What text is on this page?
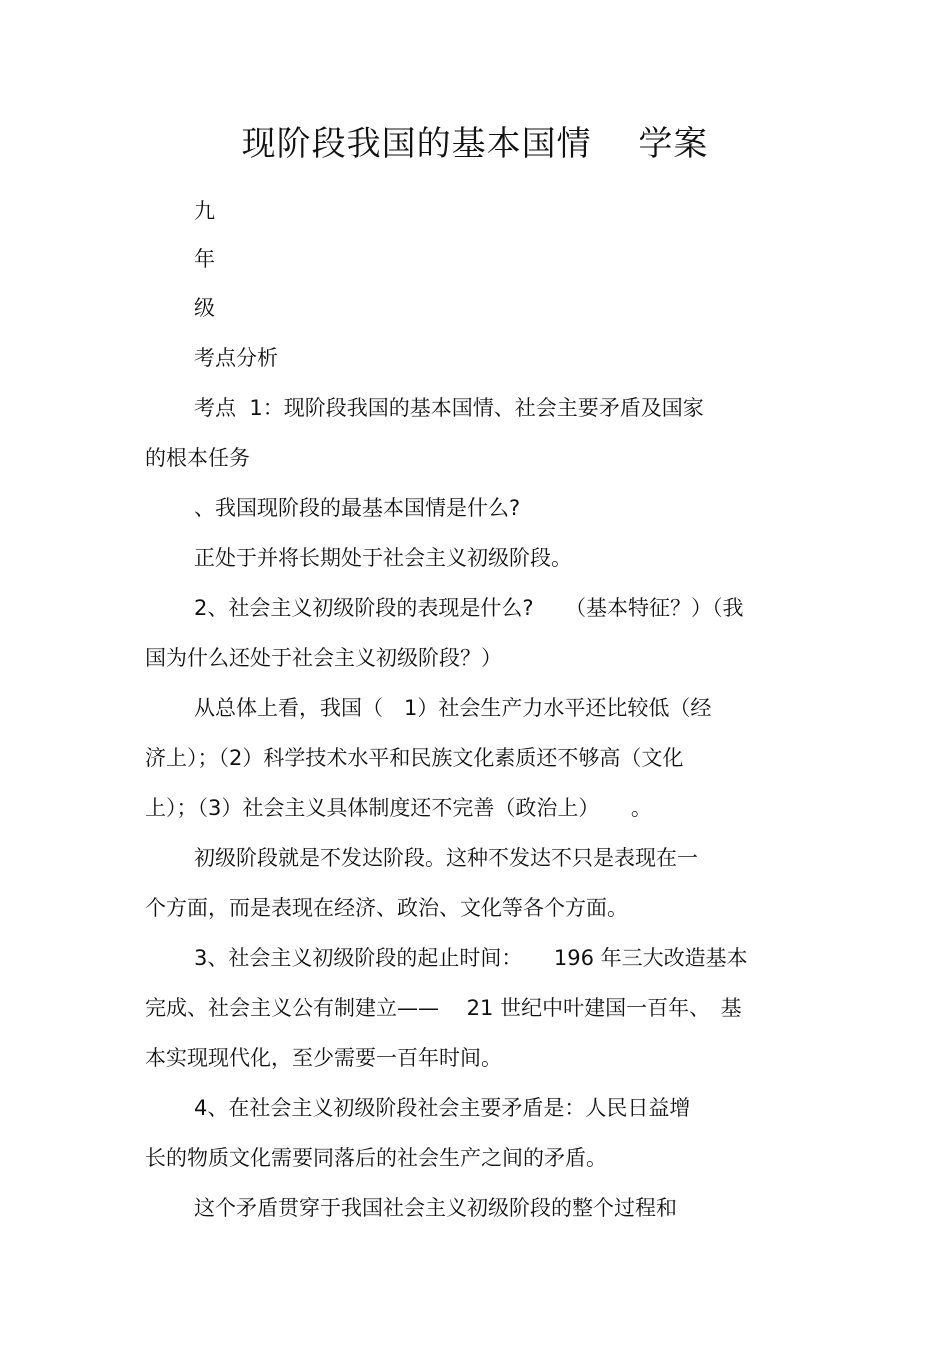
现阶段我国的基本国情　 学案

九

年

级

考点分析

考点  1：现阶段我国的基本国情、社会主要矛盾及国家

的根本任务

、我国现阶段的最基本国情是什么?

正处于并将长期处于社会主义初级阶段。

2、社会主义初级阶段的表现是什么?　　（基本特征？）（我

国为什么还处于社会主义初级阶段？）

从总体上看，我国（　1）社会生产力水平还比较低（经

济上）；（2）科学技术水平和民族文化素质还不够高（文化

上）；（3）社会主义具体制度还不完善（政治上）　　。

初级阶段就是不发达阶段。这种不发达不只是表现在一

个方面，而是表现在经济、政治、文化等各个方面。

3、社会主义初级阶段的起止时间：　　196 年三大改造基本

完成、社会主义公有制建立——　 21 世纪中叶建国一百年、　基

本实现现代化，至少需要一百年时间。

4、在社会主义初级阶段社会主要矛盾是：人民日益增

长的物质文化需要同落后的社会生产之间的矛盾。

这个矛盾贯穿于我国社会主义初级阶段的整个过程和
